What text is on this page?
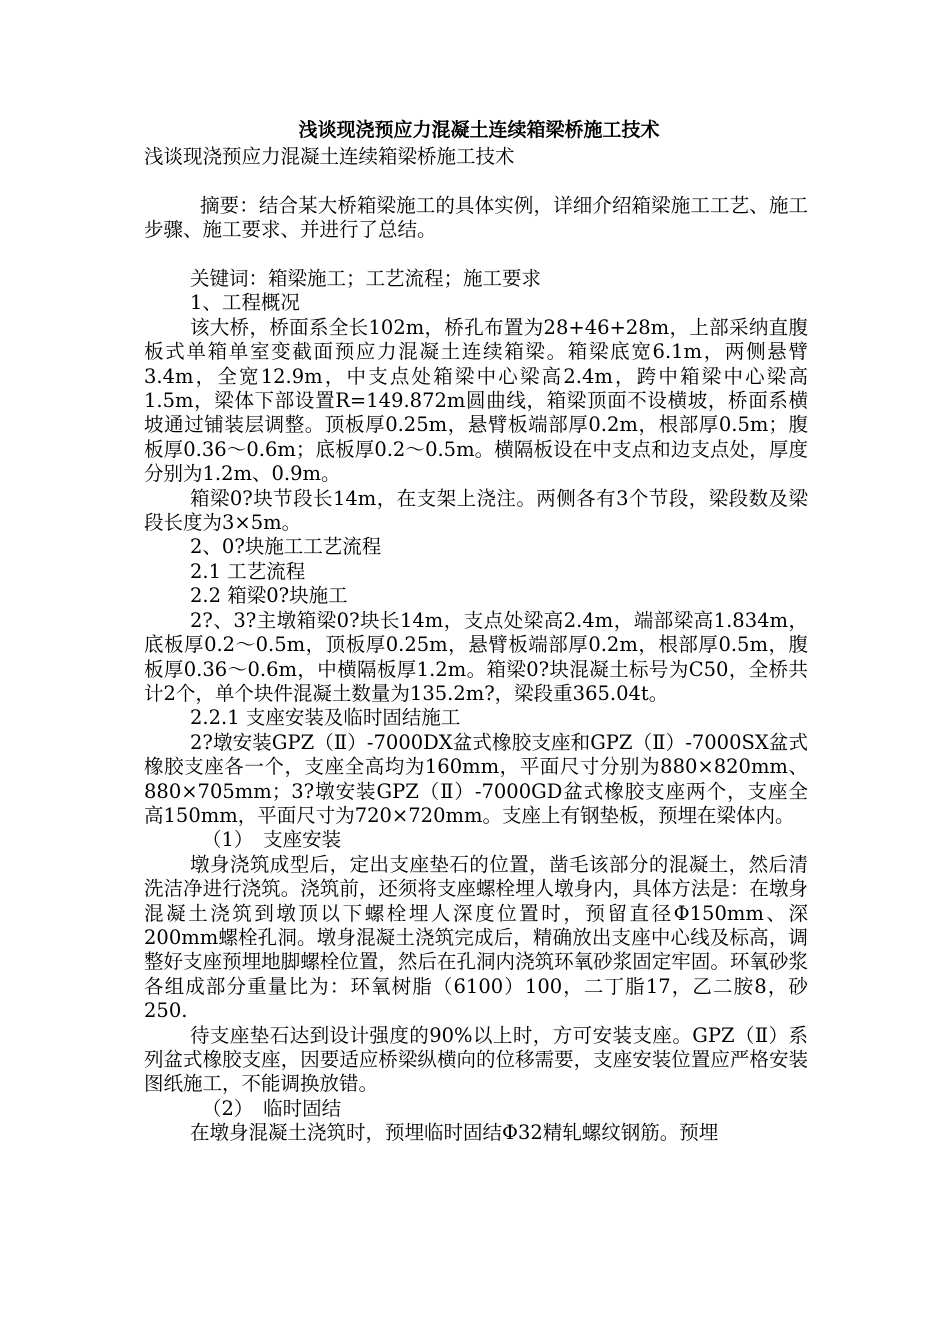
浅谈现浇预应力混凝土连续箱梁桥施工技术

浅谈现浇预应力混凝土连续箱梁桥施工技术

摘要：结合某大桥箱梁施工的具体实例，详细介绍箱梁施工工艺、施工步骤、施工要求、并进行了总结。

关键词：箱梁施工；工艺流程；施工要求

1、工程概况

该大桥，桥面系全长102m，桥孔布置为28+46+28m，上部采纳直腹板式单箱单室变截面预应力混凝土连续箱梁。箱梁底宽6.1m，两侧悬臂3.4m，全宽12.9m，中支点处箱梁中心梁高2.4m，跨中箱梁中心梁高1.5m，梁体下部设置R=149.872m圆曲线，箱梁顶面不设横坡，桥面系横坡通过铺装层调整。顶板厚0.25m，悬臂板端部厚0.2m，根部厚0.5m；腹板厚0.36～0.6m；底板厚0.2～0.5m。横隔板设在中支点和边支点处，厚度分别为1.2m、0.9m。

箱梁0?块节段长14m，在支架上浇注。两侧各有3个节段，梁段数及梁段长度为3×5m。

2、0?块施工工艺流程

2.1 工艺流程

2.2 箱梁0?块施工

2?、3?主墩箱梁0?块长14m，支点处梁高2.4m，端部梁高1.834m，底板厚0.2～0.5m，顶板厚0.25m，悬臂板端部厚0.2m，根部厚0.5m，腹板厚0.36～0.6m，中横隔板厚1.2m。箱梁0?块混凝土标号为C50，全桥共计2个，单个块件混凝土数量为135.2m?，梁段重365.04t。

2.2.1 支座安装及临时固结施工

2?墩安装GPZ（Ⅱ）-7000DX盆式橡胶支座和GPZ（Ⅱ）-7000SX盆式橡胶支座各一个，支座全高均为160mm，平面尺寸分别为880×820mm、880×705mm；3?墩安装GPZ（Ⅱ）-7000GD盆式橡胶支座两个，支座全高150mm，平面尺寸为720×720mm。支座上有钢垫板，预埋在梁体内。

（1）　支座安装

墩身浇筑成型后，定出支座垫石的位置，凿毛该部分的混凝土，然后清洗洁净进行浇筑。浇筑前，还须将支座螺栓埋人墩身内，具体方法是：在墩身混凝土浇筑到墩顶以下螺栓埋人深度位置时，预留直径Φ150mm、深200mm螺栓孔洞。墩身混凝土浇筑完成后，精确放出支座中心线及标高，调整好支座预埋地脚螺栓位置，然后在孔洞内浇筑环氧砂浆固定牢固。环氧砂浆各组成部分重量比为：环氧树脂（6100）100，二丁脂17，乙二胺8，砂250.

待支座垫石达到设计强度的90%以上时，方可安装支座。GPZ（Ⅱ）系列盆式橡胶支座，因要适应桥梁纵横向的位移需要，支座安装位置应严格安装图纸施工，不能调换放错。

（2）　临时固结

在墩身混凝土浇筑时，预埋临时固结Φ32精轧螺纹钢筋。预埋
